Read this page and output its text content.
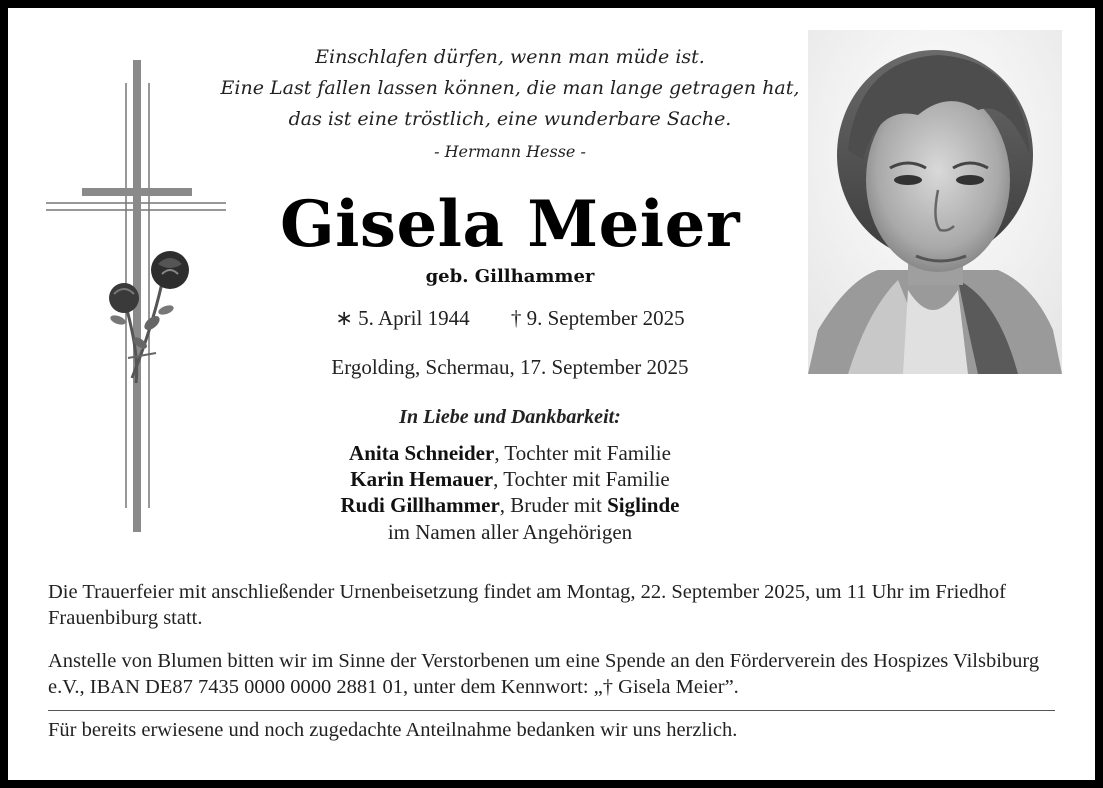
Einschlafen dürfen, wenn man müde ist.
Eine Last fallen lassen können, die man lange getragen hat,
das ist eine tröstlich, eine wunderbare Sache.
- Hermann Hesse -
Gisela Meier
geb. Gillhammer
∗ 5. April 1944 † 9. September 2025
Ergolding, Schermau, 17. September 2025
In Liebe und Dankbarkeit:
Anita Schneider, Tochter mit Familie
Karin Hemauer, Tochter mit Familie
Rudi Gillhammer, Bruder mit Siglinde
im Namen aller Angehörigen
Die Trauerfeier mit anschließender Urnenbeisetzung findet am Montag, 22. September 2025, um 11 Uhr im Friedhof Frauenbiburg statt.
Anstelle von Blumen bitten wir im Sinne der Verstorbenen um eine Spende an den Förderverein des Hospizes Vilsbiburg e.V., IBAN DE87 7435 0000 0000 2881 01, unter dem Kennwort: „† Gisela Meier”.
Für bereits erwiesene und noch zugedachte Anteilnahme bedanken wir uns herzlich.
